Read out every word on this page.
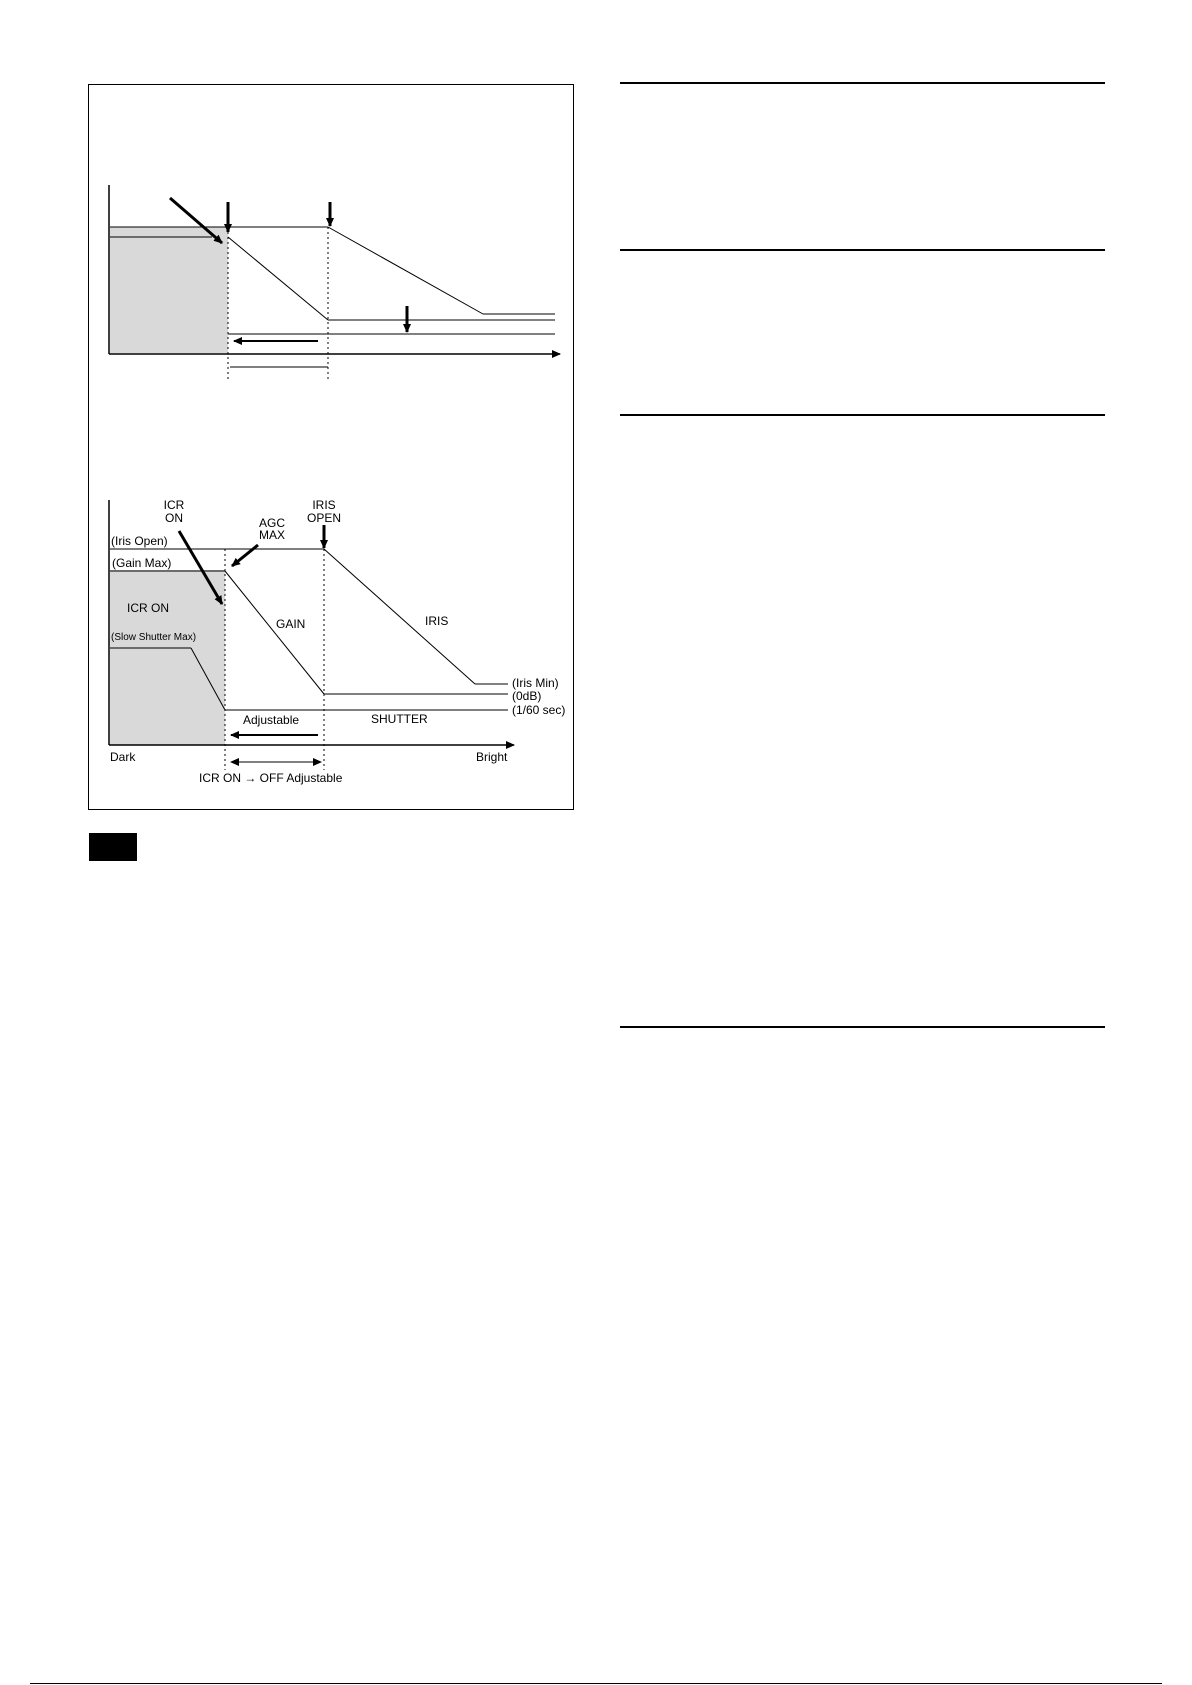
ICR
ON	AGC
MAX
IRIS
OPEN
(Iris Open)
(Gain Max)
ICR ON
(Slow Shutter Max)
GAIN	IRIS
(Iris Min)
(0dB)
(1/60 sec)
Adjustable	SHUTTER
Dark	Bright
ICR ON → OFF Adjustable
